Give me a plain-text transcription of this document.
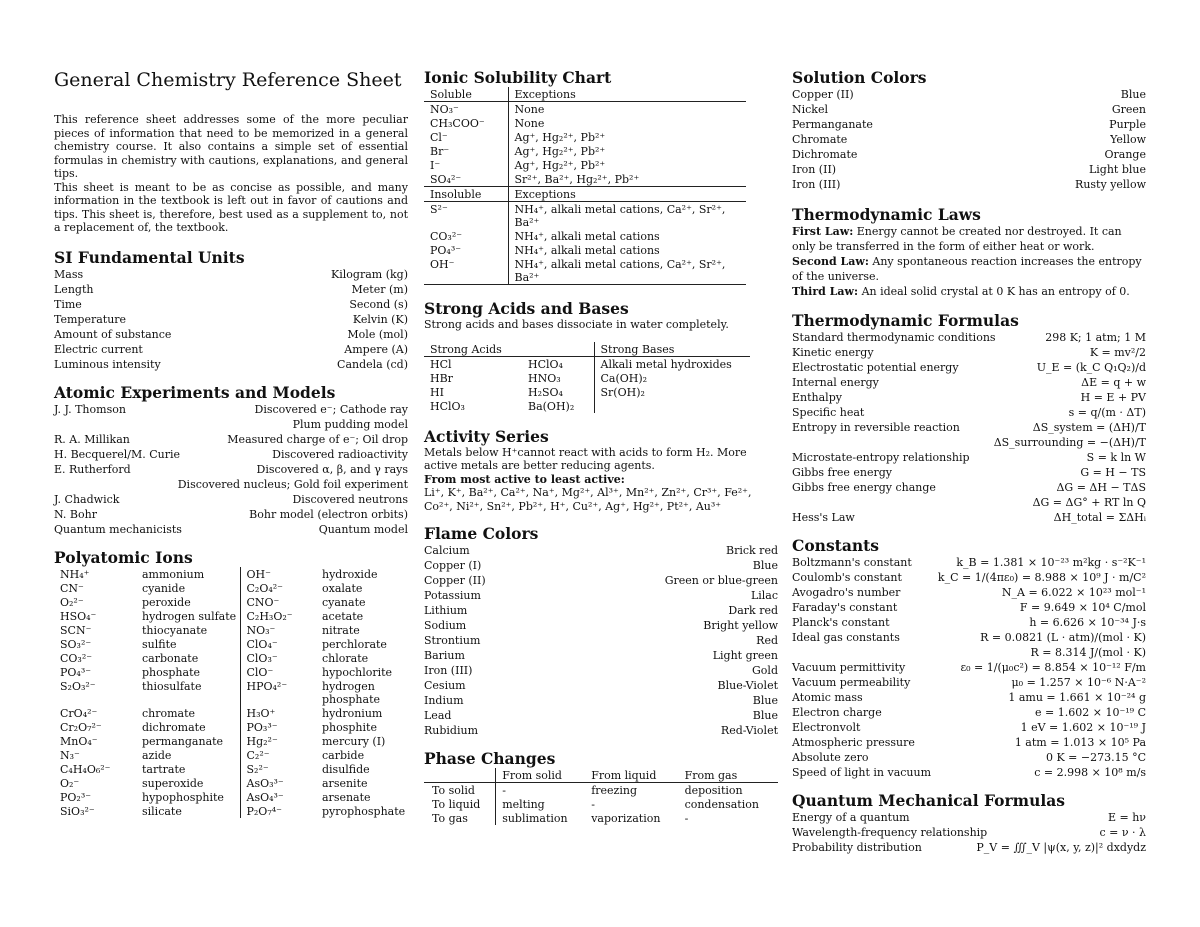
General Chemistry Reference Sheet

This reference sheet addresses some of the more peculiar pieces of information that need to be memorized in a general chemistry course. It also contains a simple set of essential formulas in chemistry with cautions, explanations, and general tips.

This sheet is meant to be as concise as possible, and many information in the textbook is left out in favor of cautions and tips. This sheet is, therefore, best used as a supplement to, not a replacement of, the textbook.

SI Fundamental Units
Mass	Kilogram (kg)
Length	Meter (m)
Time	Second (s)
Temperature	Kelvin (K)
Amount of substance	Mole (mol)
Electric current	Ampere (A)
Luminous intensity	Candela (cd)
Atomic Experiments and Models
J. J. Thomson	Discovered e⁻; Cathode ray
Plum pudding model
R. A. Millikan	Measured charge of e⁻; Oil drop
H. Becquerel/M. Curie	Discovered radioactivity
E. Rutherford	Discovered α, β, and γ rays
Discovered nucleus; Gold foil experiment
J. Chadwick	Discovered neutrons
N. Bohr	Bohr model (electron orbits)
Quantum mechanicists	Quantum model
Polyatomic Ions
NH₄⁺	ammonium	OH⁻	hydroxide
CN⁻	cyanide	C₂O₄²⁻	oxalate
O₂²⁻	peroxide	CNO⁻	cyanate
HSO₄⁻	hydrogen sulfate	C₂H₃O₂⁻	acetate
SCN⁻	thiocyanate	NO₃⁻	nitrate
SO₃²⁻	sulfite	ClO₄⁻	perchlorate
CO₃²⁻	carbonate	ClO₃⁻	chlorate
PO₄³⁻	phosphate	ClO⁻	hypochlorite
S₂O₃²⁻	thiosulfate	HPO₄²⁻	hydrogen phosphate
CrO₄²⁻	chromate	H₃O⁺	hydronium
Cr₂O₇²⁻	dichromate	PO₃³⁻	phosphite
MnO₄⁻	permanganate	Hg₂²⁻	mercury (I)
N₃⁻	azide	C₂²⁻	carbide
C₄H₄O₆²⁻	tartrate	S₂²⁻	disulfide
O₂⁻	superoxide	AsO₃³⁻	arsenite
PO₂³⁻	hypophosphite	AsO₄³⁻	arsenate
SiO₃²⁻	silicate	P₂O₇⁴⁻	pyrophosphate
Ionic Solubility Chart
Soluble	Exceptions
NO₃⁻	None
CH₃COO⁻	None
Cl⁻	Ag⁺, Hg₂²⁺, Pb²⁺
Br⁻	Ag⁺, Hg₂²⁺, Pb²⁺
I⁻	Ag⁺, Hg₂²⁺, Pb²⁺
SO₄²⁻	Sr²⁺, Ba²⁺, Hg₂²⁺, Pb²⁺
Insoluble	Exceptions
S²⁻	NH₄⁺, alkali metal cations, Ca²⁺, Sr²⁺, Ba²⁺
CO₃²⁻	NH₄⁺, alkali metal cations
PO₄³⁻	NH₄⁺, alkali metal cations
OH⁻	NH₄⁺, alkali metal cations, Ca²⁺, Sr²⁺, Ba²⁺
Strong Acids and Bases

Strong acids and bases dissociate in water completely.

Strong Acids		Strong Bases
HCl	HClO₄	Alkali metal hydroxides
HBr	HNO₃	Ca(OH)₂
HI	H₂SO₄	Sr(OH)₂
HClO₃	Ba(OH)₂	
Activity Series

Metals below H⁺cannot react with acids to form H₂. More active metals are better reducing agents.

From most active to least active:

Li⁺, K⁺, Ba²⁺, Ca²⁺, Na⁺, Mg²⁺, Al³⁺, Mn²⁺, Zn²⁺, Cr³⁺, Fe²⁺, Co²⁺, Ni²⁺, Sn²⁺, Pb²⁺, H⁺, Cu²⁺, Ag⁺, Hg²⁺, Pt²⁺, Au³⁺

Flame Colors
Calcium	Brick red
Copper (I)	Blue
Copper (II)	Green or blue-green
Potassium	Lilac
Lithium	Dark red
Sodium	Bright yellow
Strontium	Red
Barium	Light green
Iron (III)	Gold
Cesium	Blue-Violet
Indium	Blue
Lead	Blue
Rubidium	Red-Violet
Phase Changes
	From solid	From liquid	From gas
To solid	-	freezing	deposition
To liquid	melting	-	condensation
To gas	sublimation	vaporization	-
Solution Colors
Copper (II)	Blue
Nickel	Green
Permanganate	Purple
Chromate	Yellow
Dichromate	Orange
Iron (II)	Light blue
Iron (III)	Rusty yellow
Thermodynamic Laws

First Law: Energy cannot be created nor destroyed. It can only be transferred in the form of either heat or work.

Second Law: Any spontaneous reaction increases the entropy of the universe.

Third Law: An ideal solid crystal at 0 K has an entropy of 0.

Thermodynamic Formulas
Standard thermodynamic conditions	298 K; 1 atm; 1 M
Kinetic energy	K = mv²/2
Electrostatic potential energy	U_E = (k_C Q₁Q₂)/d
Internal energy	ΔE = q + w
Enthalpy	H = E + PV
Specific heat	s = q/(m · ΔT)
Entropy in reversible reaction	ΔS_system = (ΔH)/T
ΔS_surrounding = −(ΔH)/T
Microstate-entropy relationship	S = k ln W
Gibbs free energy	G = H − TS
Gibbs free energy change	ΔG = ΔH − TΔS
ΔG = ΔG° + RT ln Q
Hess's Law	ΔH_total = ΣΔHᵢ
Constants
Boltzmann's constant	k_B = 1.381 × 10⁻²³ m²kg · s⁻²K⁻¹
Coulomb's constant	k_C = 1/(4πε₀) = 8.988 × 10⁹ J · m/C²
Avogadro's number	N_A = 6.022 × 10²³ mol⁻¹
Faraday's constant	F = 9.649 × 10⁴ C/mol
Planck's constant	h = 6.626 × 10⁻³⁴ J·s
Ideal gas constants	R = 0.0821 (L · atm)/(mol · K)
R = 8.314 J/(mol · K)
Vacuum permittivity	ε₀ = 1/(μ₀c²) = 8.854 × 10⁻¹² F/m
Vacuum permeability	μ₀ = 1.257 × 10⁻⁶ N·A⁻²
Atomic mass	1 amu = 1.661 × 10⁻²⁴ g
Electron charge	e = 1.602 × 10⁻¹⁹ C
Electronvolt	1 eV = 1.602 × 10⁻¹⁹ J
Atmospheric pressure	1 atm = 1.013 × 10⁵ Pa
Absolute zero	0 K = −273.15 °C
Speed of light in vacuum	c = 2.998 × 10⁸ m/s
Quantum Mechanical Formulas
Energy of a quantum	E = hν
Wavelength-frequency relationship	c = ν · λ
Probability distribution	P_V = ∭_V |ψ(x, y, z)|² dxdydz
